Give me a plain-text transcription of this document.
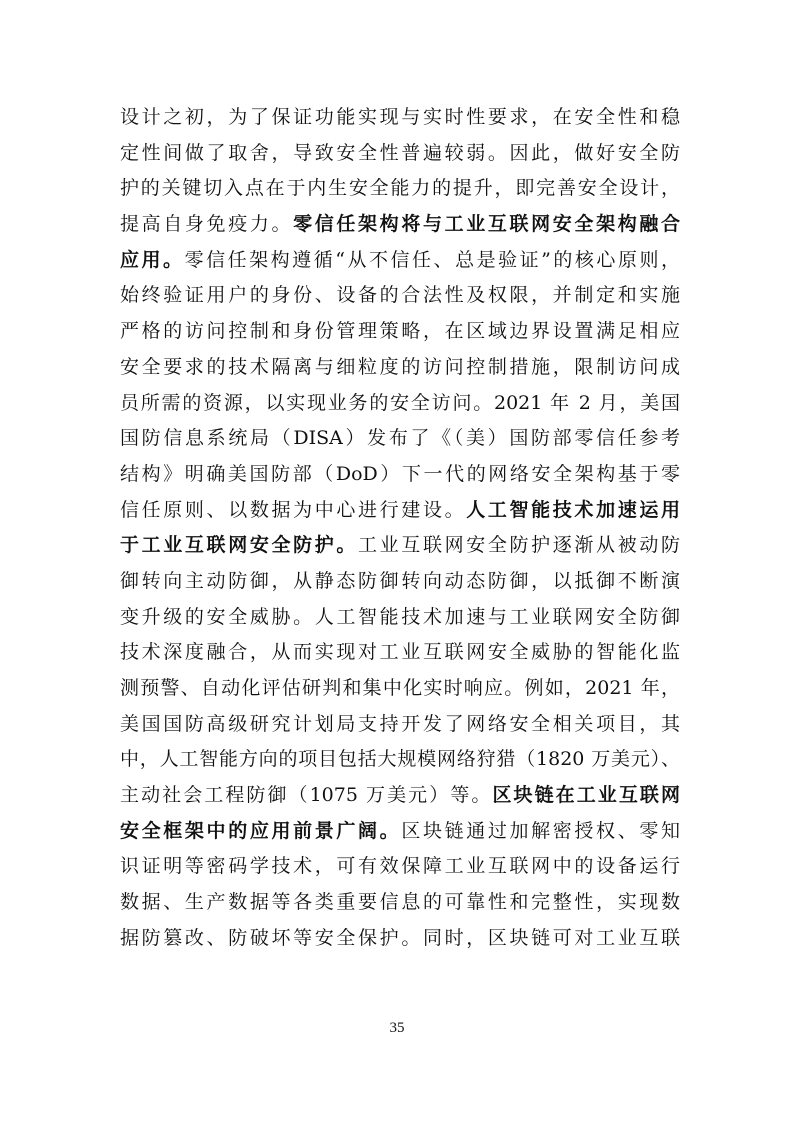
设计之初，为了保证功能实现与实时性要求，在安全性和稳
定性间做了取舍，导致安全性普遍较弱。因此，做好安全防
护的关键切入点在于内生安全能力的提升，即完善安全设计，
提高自身免疫力。零信任架构将与工业互联网安全架构融合
应用。零信任架构遵循“从不信任、总是验证”的核心原则，
始终验证用户的身份、设备的合法性及权限，并制定和实施
严格的访问控制和身份管理策略，在区域边界设置满足相应
安全要求的技术隔离与细粒度的访问控制措施，限制访问成
员所需的资源，以实现业务的安全访问。2021 年 2 月，美国
国防信息系统局（DISA）发布了《（美）国防部零信任参考
结构》明确美国防部（DoD）下一代的网络安全架构基于零
信任原则、以数据为中心进行建设。人工智能技术加速运用
于工业互联网安全防护。工业互联网安全防护逐渐从被动防
御转向主动防御，从静态防御转向动态防御，以抵御不断演
变升级的安全威胁。人工智能技术加速与工业联网安全防御
技术深度融合，从而实现对工业互联网安全威胁的智能化监
测预警、自动化评估研判和集中化实时响应。例如，2021 年，
美国国防高级研究计划局支持开发了网络安全相关项目，其
中，人工智能方向的项目包括大规模网络狩猎（1820 万美元）、
主动社会工程防御（1075 万美元）等。区块链在工业互联网
安全框架中的应用前景广阔。区块链通过加解密授权、零知
识证明等密码学技术，可有效保障工业互联网中的设备运行
数据、生产数据等各类重要信息的可靠性和完整性，实现数
据防篡改、防破坏等安全保护。同时，区块链可对工业互联
35
